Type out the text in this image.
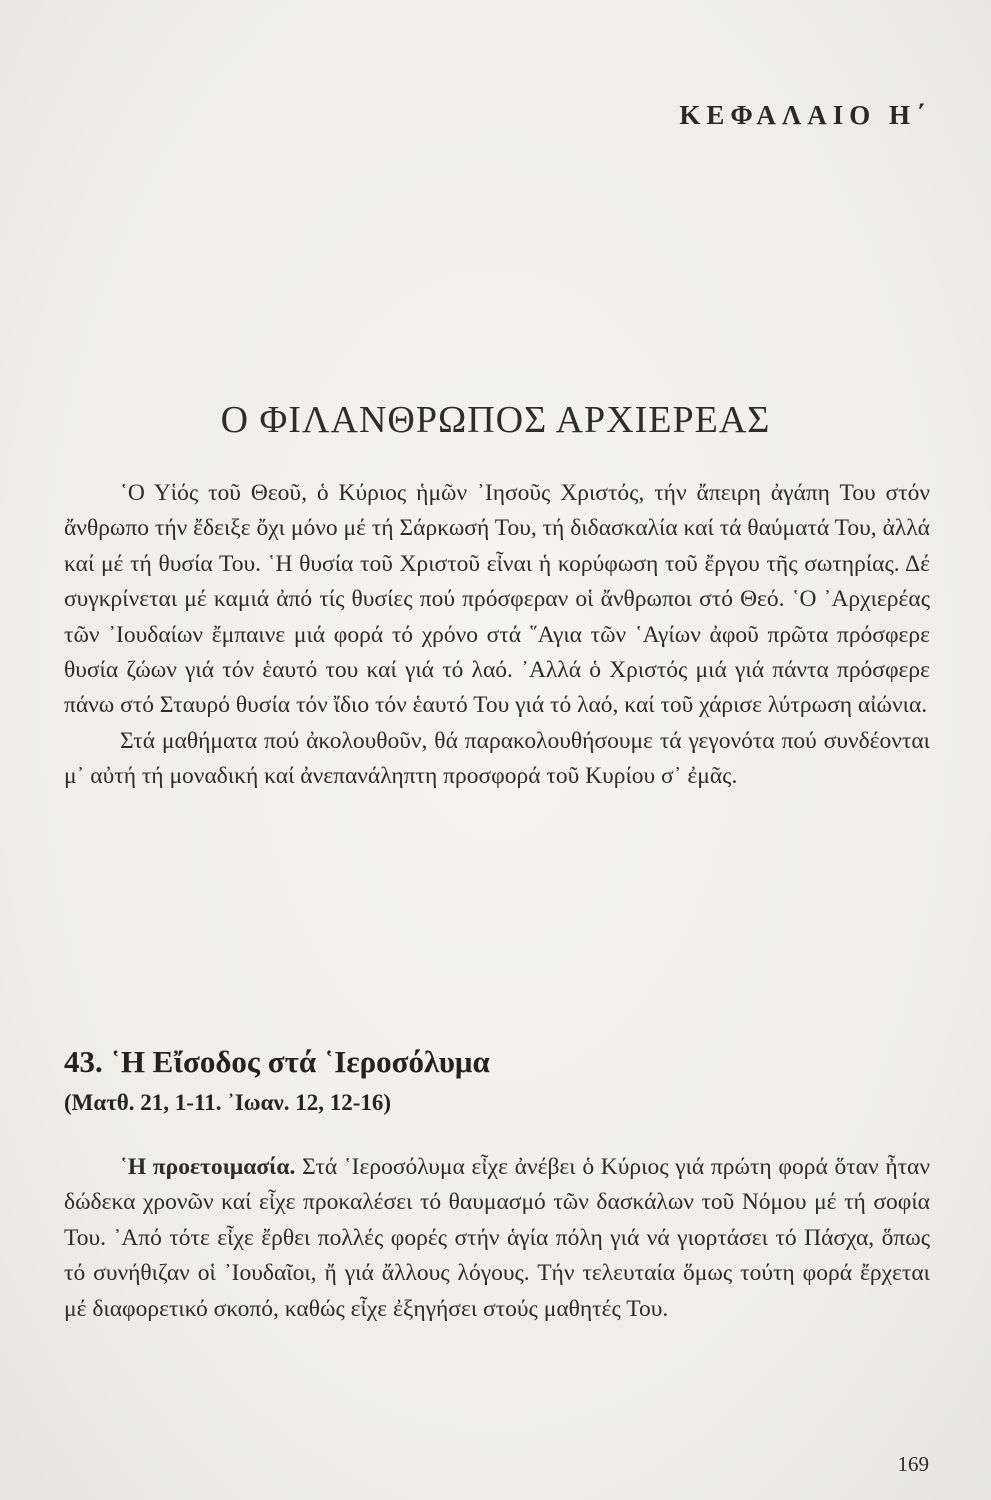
ΚΕΦΑΛΑΙΟ Η΄
Ο ΦΙΛΑΝΘΡΩΠΟΣ ΑΡΧΙΕΡΕΑΣ

῾Ο Υἱός τοῦ Θεοῦ, ὁ Κύριος ἡμῶν ᾿Ιησοῦς Χριστός, τήν ἄπειρη ἀγάπη Του στόν ἄνθρωπο τήν ἔδειξε ὄχι μόνο μέ τή Σάρκωσή Του, τή διδασκαλία καί τά θαύματά Του, ἀλλά καί μέ τή θυσία Του. ῾Η θυσία τοῦ Χριστοῦ εἶναι ἡ κορύφωση τοῦ ἔργου τῆς σωτηρίας. Δέ συγκρίνεται μέ καμιά ἀπό τίς θυσίες πού πρόσφεραν οἱ ἄνθρωποι στό Θεό. ῾Ο ᾿Αρχιερέας τῶν ᾿Ιουδαίων ἔμπαινε μιά φορά τό χρόνο στά ῞Αγια τῶν ῾Αγίων ἀφοῦ πρῶτα πρόσφερε θυσία ζώων γιά τόν ἑαυτό του καί γιά τό λαό. ᾿Αλλά ὁ Χριστός μιά γιά πάντα πρόσφερε πάνω στό Σταυρό θυσία τόν ἴδιο τόν ἑαυτό Του γιά τό λαό, καί τοῦ χάρισε λύτρωση αἰώνια.

Στά μαθήματα πού ἀκολουθοῦν, θά παρακολουθήσουμε τά γεγονότα πού συνδέονται μ᾿ αὐτή τή μοναδική καί ἀνεπανάληπτη προσφορά τοῦ Κυρίου σ᾿ ἐμᾶς.

43. ῾Η Εἴσοδος στά ῾Ιεροσόλυμα
(Ματθ. 21, 1-11. ᾿Ιωαν. 12, 12-16)

῾Η προετοιμασία. Στά ῾Ιεροσόλυμα εἶχε ἀνέβει ὁ Κύριος γιά πρώτη φορά ὅταν ἦταν δώδεκα χρονῶν καί εἶχε προκαλέσει τό θαυμασμό τῶν δασκάλων τοῦ Νόμου μέ τή σοφία Του. ᾿Από τότε εἶχε ἔρθει πολλές φορές στήν ἁγία πόλη γιά νά γιορτάσει τό Πάσχα, ὅπως τό συνήθιζαν οἱ ᾿Ιουδαῖοι, ἤ γιά ἄλλους λόγους. Τήν τελευταία ὅμως τούτη φορά ἔρχεται μέ διαφορετικό σκοπό, καθώς εἶχε ἐξηγήσει στούς μαθητές Του.

169
